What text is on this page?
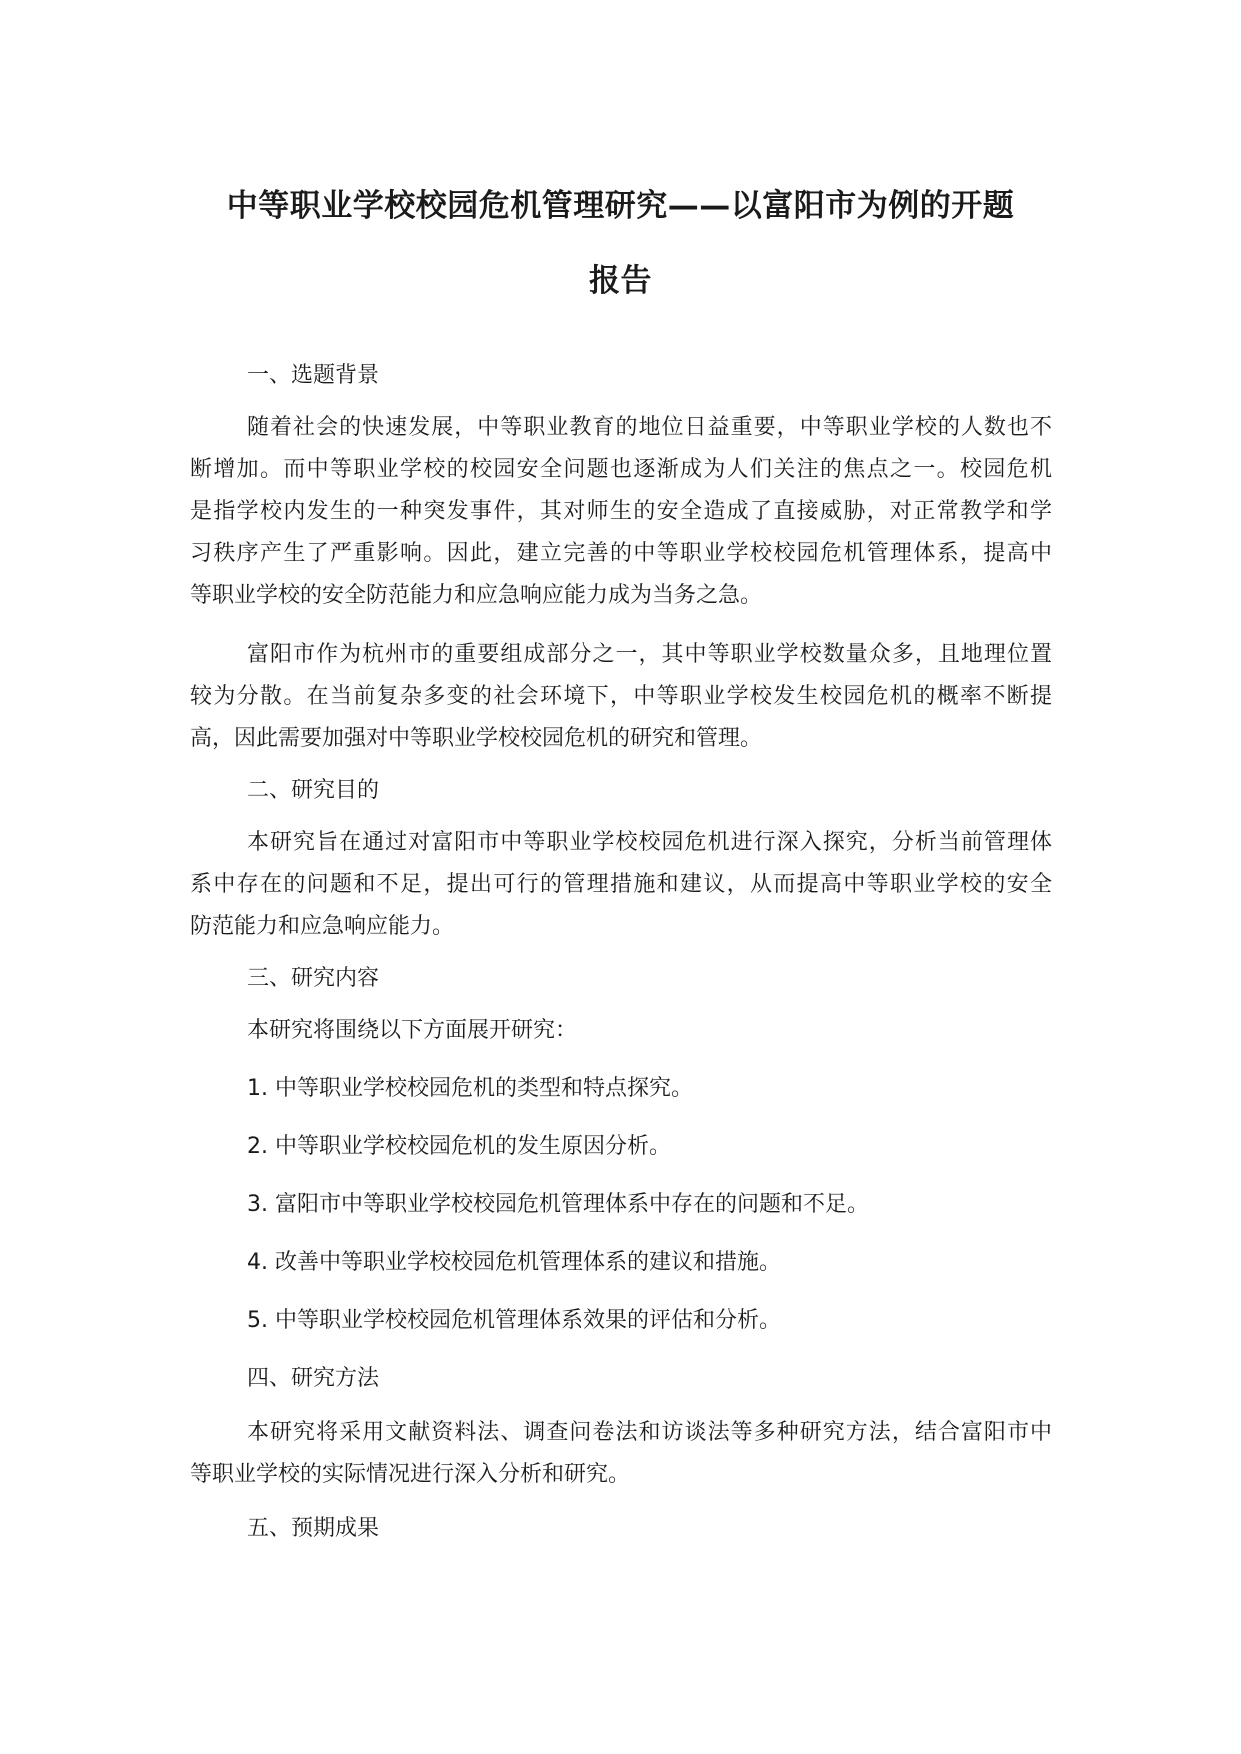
中等职业学校校园危机管理研究——以富阳市为例的开题
报告

一、选题背景

随着社会的快速发展，中等职业教育的地位日益重要，中等职业学校的人数也不
断增加。而中等职业学校的校园安全问题也逐渐成为人们关注的焦点之一。校园危机
是指学校内发生的一种突发事件，其对师生的安全造成了直接威胁，对正常教学和学
习秩序产生了严重影响。因此，建立完善的中等职业学校校园危机管理体系，提高中
等职业学校的安全防范能力和应急响应能力成为当务之急。
富阳市作为杭州市的重要组成部分之一，其中等职业学校数量众多，且地理位置
较为分散。在当前复杂多变的社会环境下，中等职业学校发生校园危机的概率不断提
高，因此需要加强对中等职业学校校园危机的研究和管理。

二、研究目的

本研究旨在通过对富阳市中等职业学校校园危机进行深入探究，分析当前管理体
系中存在的问题和不足，提出可行的管理措施和建议，从而提高中等职业学校的安全
防范能力和应急响应能力。

三、研究内容

本研究将围绕以下方面展开研究：

1. 中等职业学校校园危机的类型和特点探究。

2. 中等职业学校校园危机的发生原因分析。

3. 富阳市中等职业学校校园危机管理体系中存在的问题和不足。

4. 改善中等职业学校校园危机管理体系的建议和措施。

5. 中等职业学校校园危机管理体系效果的评估和分析。

四、研究方法

本研究将采用文献资料法、调查问卷法和访谈法等多种研究方法，结合富阳市中
等职业学校的实际情况进行深入分析和研究。

五、预期成果
